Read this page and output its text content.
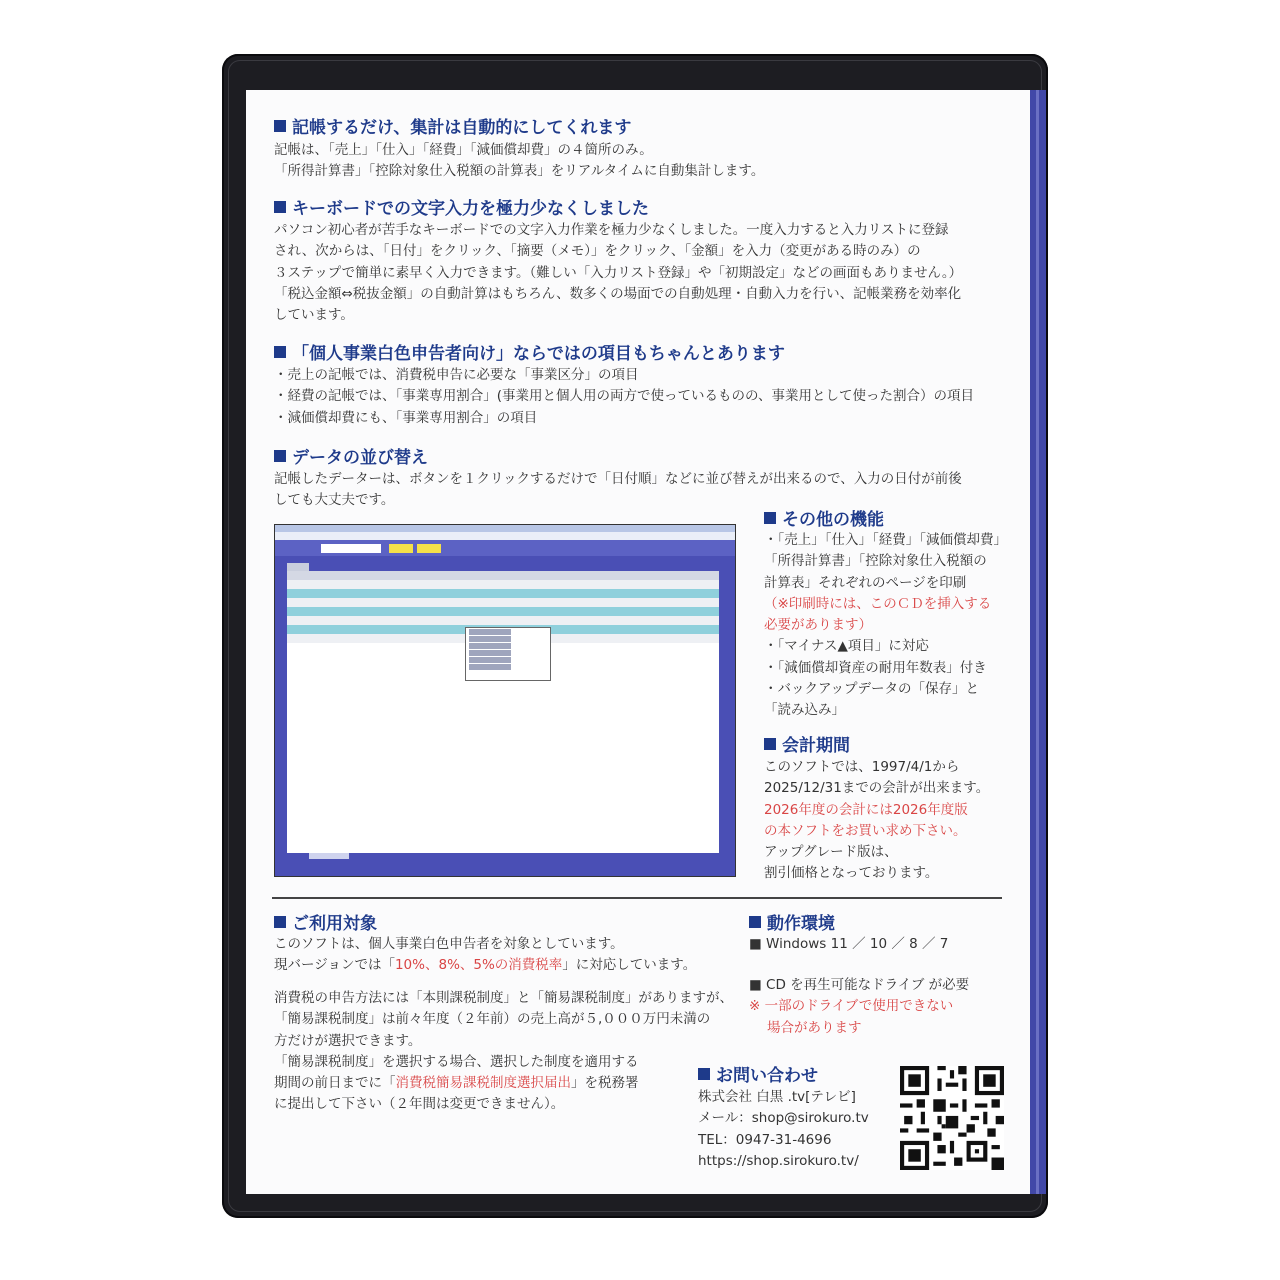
記帳するだけ、集計は自動的にしてくれます
記帳は、「売上」「仕入」「経費」「減価償却費」の４箇所のみ。
「所得計算書」「控除対象仕入税額の計算表」をリアルタイムに自動集計します。
キーボードでの文字入力を極力少なくしました
パソコン初心者が苦手なキーボードでの文字入力作業を極力少なくしました。一度入力すると入力リストに登録
され、次からは、「日付」をクリック、「摘要（メモ）」をクリック、「金額」を入力（変更がある時のみ）の
３ステップで簡単に素早く入力できます。（難しい「入力リスト登録」や「初期設定」などの画面もありません。）
「税込金額⇔税抜金額」の自動計算はもちろん、数多くの場面での自動処理・自動入力を行い、記帳業務を効率化
しています。
「個人事業白色申告者向け」ならではの項目もちゃんとあります
・売上の記帳では、消費税申告に必要な「事業区分」の項目
・経費の記帳では、「事業専用割合」(事業用と個人用の両方で使っているものの、事業用として使った割合）の項目
・減価償却費にも、「事業専用割合」の項目
データの並び替え
記帳したデーターは、ボタンを１クリックするだけで「日付順」などに並び替えが出来るので、入力の日付が前後
しても大丈夫です。
その他の機能
・「売上」「仕入」「経費」「減価償却費」
「所得計算書」「控除対象仕入税額の
計算表」それぞれのページを印刷
（※印刷時には、このＣＤを挿入する
必要があります）
・「マイナス▲項目」に対応
・「減価償却資産の耐用年数表」付き
・バックアップデータの「保存」と
「読み込み」
会計期間
このソフトでは、1997/4/1から
2025/12/31までの会計が出来ます。
2026年度の会計には2026年度版
の本ソフトをお買い求め下さい。
アップグレード版は、
割引価格となっております。
ご利用対象
このソフトは、個人事業白色申告者を対象としています。
現バージョンでは「10%、8%、5%の消費税率」に対応しています。
消費税の申告方法には「本則課税制度」と「簡易課税制度」がありますが、
「簡易課税制度」は前々年度（２年前）の売上高が５,０００万円未満の
方だけが選択できます。
「簡易課税制度」を選択する場合、選択した制度を適用する
期間の前日までに「消費税簡易課税制度選択届出」を税務署
に提出して下さい（２年間は変更できません）。
動作環境
■ Windows 11 ／ 10 ／ 8 ／ 7
■ CD を再生可能なドライブ が必要
※ 一部のドライブで使用できない
場合があります
お問い合わせ
株式会社 白黒 .tv[テレビ]
メール：shop@sirokuro.tv
TEL：0947-31-4696
https://shop.sirokuro.tv/
